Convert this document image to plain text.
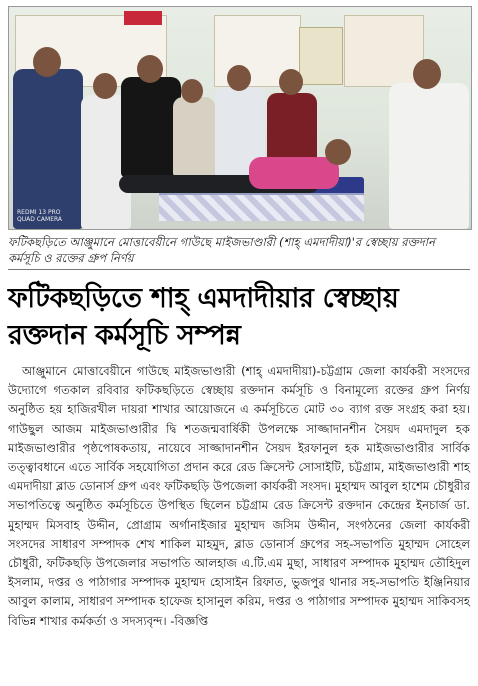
REDMI 13 PRO
QUAD CAMERA
ফটিকছড়িতে আঞ্জুমানে মোত্তাবেয়ীনে গাউছে মাইজভাণ্ডারী (শাহ্ এমদাদীয়া)'র স্বেচ্ছায় রক্তদান কর্মসূচি ও রক্তের গ্রুপ নির্ণয়
ফটিকছড়িতে শাহ্ এমদাদীয়ার স্বেচ্ছায় রক্তদান কর্মসূচি সম্পন্ন
আঞ্জুমানে মোত্তাবেয়ীনে গাউছে মাইজভাণ্ডারী (শাহ্ এমদাদীয়া)-চট্টগ্রাম জেলা কার্যকরী সংসদের উদ্যোগে গতকাল রবিবার ফটিকছড়িতে স্বেচ্ছায় রক্তদান কর্মসূচি ও বিনামূল্যে রক্তের গ্রুপ নির্ণয় অনুষ্ঠিত হয় হাজিরখীল দায়রা শাখার আয়োজনে এ কর্মসূচিতে মোট ৩০ ব্যাগ রক্ত সংগ্রহ করা হয়। গাউছুল আজম মাইজভাণ্ডারীর দ্বি শতজন্মবার্ষিকী উপলক্ষে সাজ্জাদানশীন সৈয়দ এমদাদুল হক মাইজভাণ্ডারীর পৃষ্ঠপোষকতায়, নায়েবে সাজ্জাদানশীন সৈয়দ ইরফানুল হক মাইজভাণ্ডারীর সার্বিক তত্ত্বাবধানে এতে সার্বিক সহযোগিতা প্রদান করে রেড ক্রিসেন্ট সোসাইটি, চট্টগ্রাম, মাইজভাণ্ডারী শাহ এমদাদীয়া ব্লাড ডোনার্স গ্রুপ এবং ফটিকছড়ি উপজেলা কার্যকরী সংসদ। মুহাম্মদ আবুল হাশেম চৌধুরীর সভাপতিত্বে অনুষ্ঠিত কর্মসূচিতে উপস্থিত ছিলেন চট্টগ্রাম রেড ক্রিসেন্ট রক্তদান কেন্দ্রের ইনচার্জ ডা. মুহাম্মদ মিসবাহ উদ্দীন, প্রোগ্রাম অর্গানাইজার মুহাম্মদ জসিম উদ্দীন, সংগঠনের জেলা কার্যকরী সংসদের সাধারণ সম্পাদক শেখ শাকিল মাহমুদ, ব্লাড ডোনার্স গ্রুপের সহ-সভাপতি মুহাম্মদ সোহেল চৌধুরী, ফটিকছড়ি উপজেলার সভাপতি আলহাজ এ.টি.এম মুছা, সাধারণ সম্পাদক মুহাম্মদ তৌহিদুল ইসলাম, দপ্তর ও পাঠাগার সম্পাদক মুহাম্মদ হোসাইন রিফাত, ভুজপুর থানার সহ-সভাপতি ইঞ্জিনিয়ার আবুল কালাম, সাধারণ সম্পাদক হাফেজ হাসানুল করিম, দপ্তর ও পাঠাগার সম্পাদক মুহাম্মদ সাকিবসহ বিভিন্ন শাখার কর্মকর্তা ও সদস্যবৃন্দ। -বিজ্ঞপ্তি
